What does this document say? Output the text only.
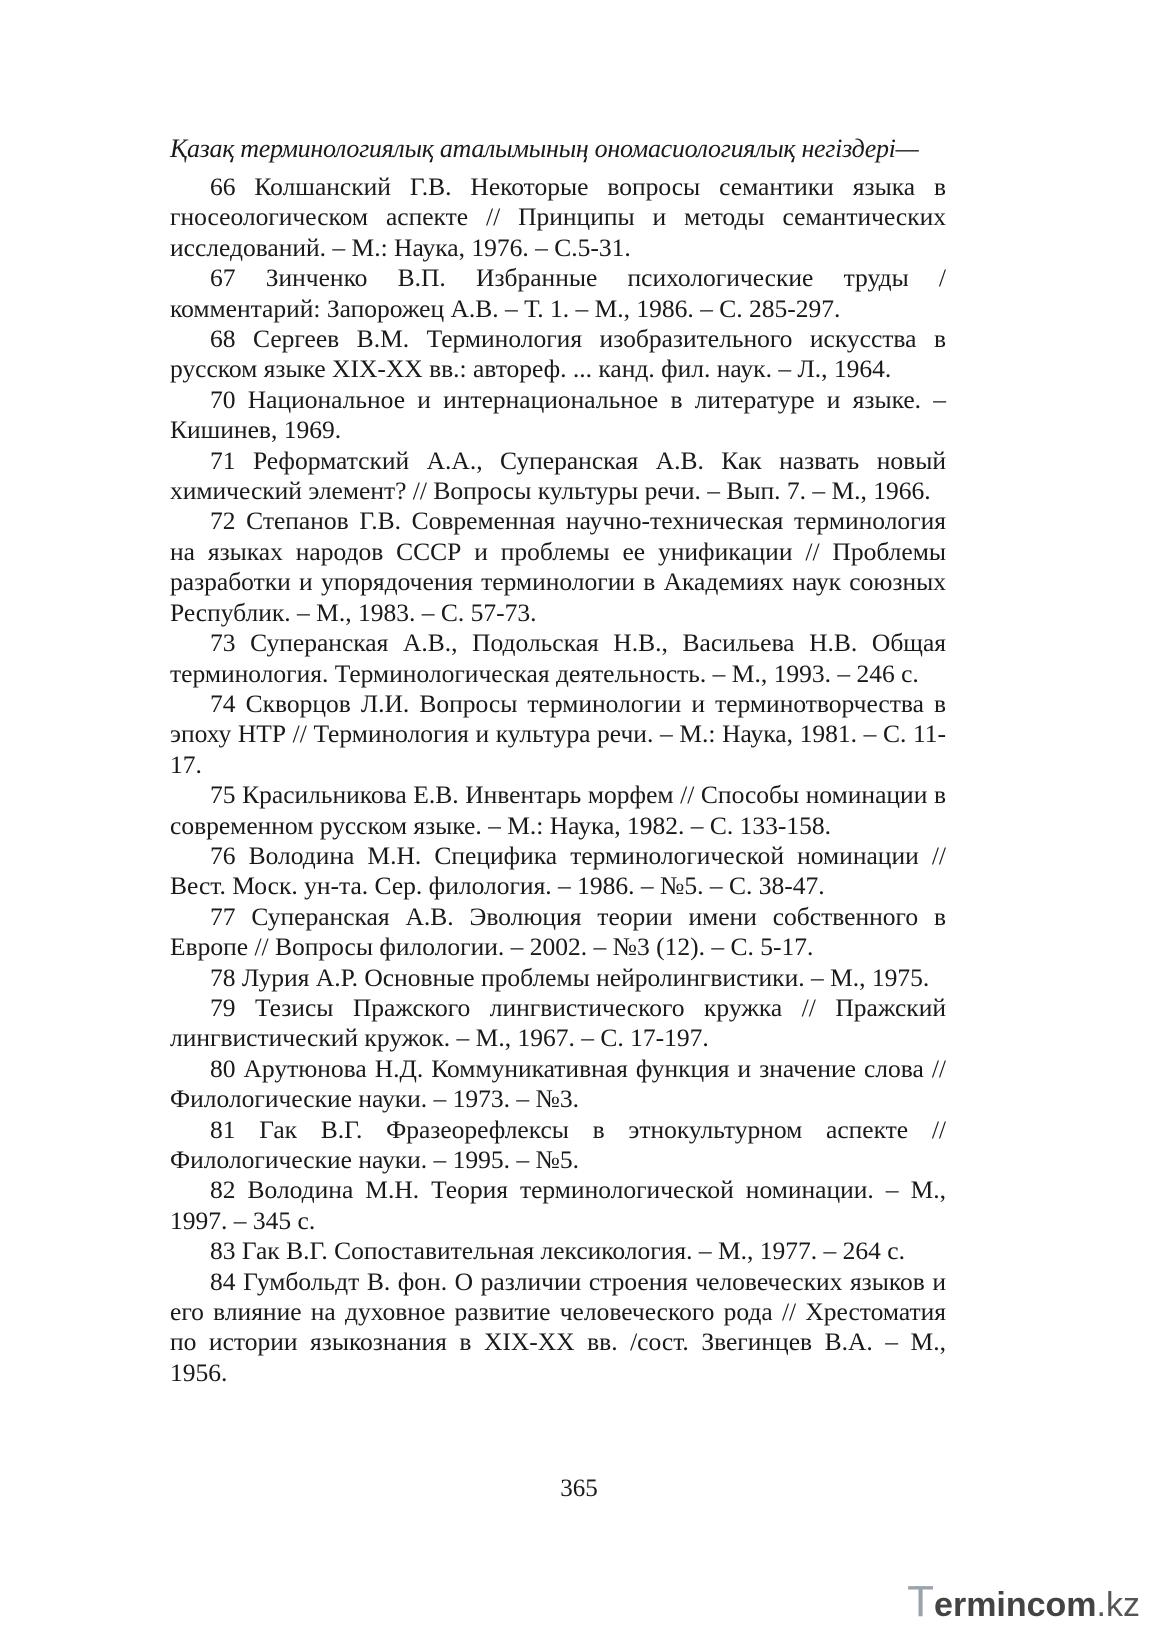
Қазақ терминологиялық аталымының ономасиологиялық негіздері—

66 Колшанский Г.В. Некоторые вопросы семантики языка в гносеологическом аспекте // Принципы и методы семантических исследований. – М.: Наука, 1976. – С.5-31.

67 Зинченко В.П. Избранные психологические труды /комментарий: Запорожец А.В. – Т. 1. – М., 1986. – С. 285-297.

68 Сергеев В.М. Терминология изобразительного искусства в русском языке XIX-XX вв.: автореф. ... канд. фил. наук. – Л., 1964.

70 Национальное и интернациональное в литературе и языке. – Кишинев, 1969.

71 Реформатский А.А., Суперанская А.В. Как назвать новый химический элемент? // Вопросы культуры речи. – Вып. 7. – М., 1966.

72 Степанов Г.В. Современная научно-техническая терминология на языках народов СССР и проблемы ее унификации // Проблемы разработки и упорядочения терминологии в Академиях наук союзных Республик. – М., 1983. – С. 57-73.

73 Суперанская А.В., Подольская Н.В., Васильева Н.В. Общая терминология. Терминологическая деятельность. – М., 1993. – 246 с.

74 Скворцов Л.И. Вопросы терминологии и терминотворчества в эпоху НТР // Терминология и культура речи. – М.: Наука, 1981. – С. 11-17.

75 Красильникова Е.В. Инвентарь морфем // Способы номинации в современном русском языке. – М.: Наука, 1982. – С. 133-158.

76 Володина М.Н. Специфика терминологической номинации // Вест. Моск. ун-та. Сер. филология. – 1986. – №5. – С. 38-47.

77 Суперанская А.В. Эволюция теории имени собственного в Европе // Вопросы филологии. – 2002. – №3 (12). – С. 5-17.

78 Лурия А.Р. Основные проблемы нейролингвистики. – М., 1975.

79 Тезисы Пражского лингвистического кружка // Пражский лингвистический кружок. – М., 1967. – С. 17-197.

80 Арутюнова Н.Д. Коммуникативная функция и значение слова // Филологические науки. – 1973. – №3.

81 Гак В.Г. Фразеорефлексы в этнокультурном аспекте // Филологические науки. – 1995. – №5.

82 Володина М.Н. Теория терминологической номинации. – М., 1997. – 345 с.

83 Гак В.Г. Сопоставительная лексикология. – М., 1977. – 264 с.

84 Гумбольдт В. фон. О различии строения человеческих языков и его влияние на духовное развитие человеческого рода // Хрестоматия по истории языкознания в XIX-XX вв. /сост. Звегинцев В.А. – М., 1956.

365
Termincom.kz
